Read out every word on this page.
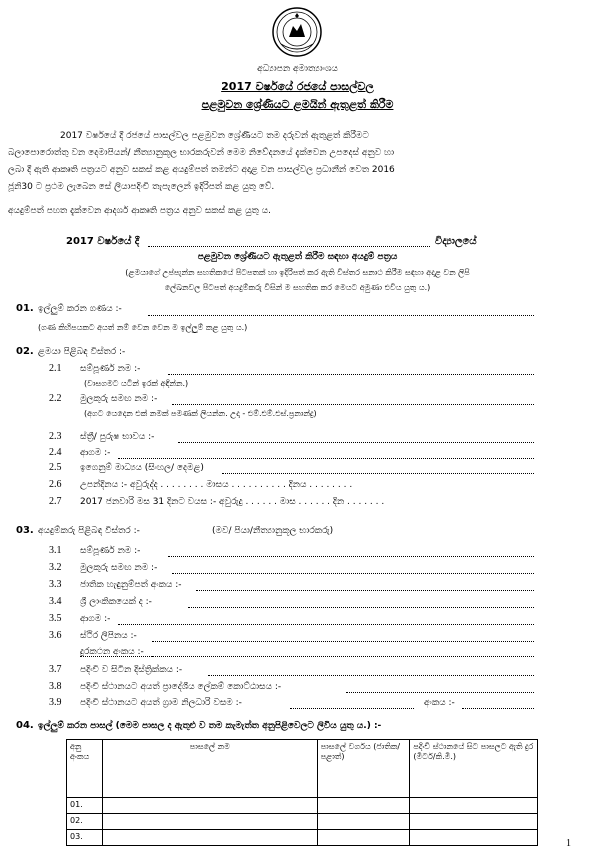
අධ්‍යාපන අමාත්‍යාංශය
2017 වර්ෂයේ රජයේ පාසල්වල
පළමුවන ශ්‍රේණියට ළමයින් ඇතුළත් කිරීම
2017 වර්ෂයේ දී රජයේ පාසල්වල පළමුවන ශ්‍රේණියට තම දරුවන් ඇතුළත් කිරීමට
බලාපොරොත්තු වන දෙමාපියන්/ නීත්‍යානුකූල භාරකරුවන් මෙම නිවේදනයේ දැක්වෙන උපදෙස් අනුව හා
ලබා දී ඇති ආකෘති පත්‍රයට අනුව සකස් කළ අයදුම්පත් තමන්ට අදාළ වන පාසල්වල ප්‍රධානීන් වෙත 2016
ජූනි30 ට ප්‍රථම ලැබෙන සේ ලියාපදිංචි තැපැලෙන් ඉදිරිපත් කළ යුතු වේ.
අයදුම්පත් පහත දැක්වෙන ආදර්ශ ආකෘති පත්‍රය අනුව සකස් කළ යුතු ය.
2017 වර්ෂයේ දී	විද්‍යාලයේ
පළමුවන ශ්‍රේණියට ඇතුළත් කිරීම සඳහා අයදුම් පත්‍රය
(ළමයාගේ උප්පැන්න සහතිකයේ පිටපතක් හා ඉදිරිපත් කර ඇති විස්තර සනාථ කිරීම සඳහා අදාළ වන ලිපි
ලේඛනවල පිටපත් අයදුම්කරු විසින් ම සහතික කර මෙයට අමුණා එවිය යුතු ය.)
01. ඉල්ලුම් කරන ගණය :-
(ගණ කිහිපයකට අයත් නම් වෙන වෙන ම ඉල්ලුම් කළ යුතු ය.)
02. ළමයා පිළිබඳ විස්තර :-
2.1 සම්පූර්ණ නම :-
(වාසගමට යටින් ඉරක් අඳින්න.)
2.2 මුලකුරු සමඟ නම :-
(අගට යෙදෙන එක් නමක් පමණක් ලියන්න. උදා - එම්.එම්.එස්.ප්‍රනාන්දු)
2.3 ස්ත්‍රී/ පුරුෂ භාවය :-
2.4 ආගම :-
2.5 ඉගෙනුම් මාධ්‍යය (සිංහල/ දෙමළ)
2.6 උපන්දිනය :- අවුරුද්ද . . . . . . . . මාසය . . . . . . . . . . දිනය . . . . . . . .
2.7 2017 ජනවාරි මස 31 දිනට වයස :- අවුරුදු . . . . . . මාස . . . . . . දින . . . . . . .
03. අයදුම්කරු පිළිබඳ විස්තර :-	(මව/ පියා/නීත්‍යානුකූල භාරකරු)
3.1 සම්පූර්ණ නම :-
3.2 මුලකුරු සමඟ නම :-
3.3 ජාතික හැඳුනුම්පත් අංකය :-
3.4 ශ්‍රී ලාංකිකයෙක් ද :-
3.5 ආගම :-
3.6 ස්ථිර ලිපිනය :-
දුරකථන අංකය :-
3.7 පදිංචි ව සිටින දිස්ත්‍රික්කය :-
3.8 පදිංචි ස්ථානයට අයත් ප්‍රාදේශීය ලේකම් කොට්ඨාසය :-
3.9 පදිංචි ස්ථානයට අයත් ග්‍රාම නිලධාරි වසම :-	අංකය :-
04. ඉල්ලුම් කරන පාසල් (මෙම පාසල ද ඇතුළු ව තම කැමැත්ත අනුපිළිවෙලට ලිවිය යුතු ය.) :-
අනු අංකය	පාසලේ නම	පාසලේ වර්ගය (ජාතික/ පළාත්)	පදිංචි ස්ථානයේ සිට පාසලට ඇති දුර (මීටර්/කි.මී.)
01.			
02.			
03.			
1
